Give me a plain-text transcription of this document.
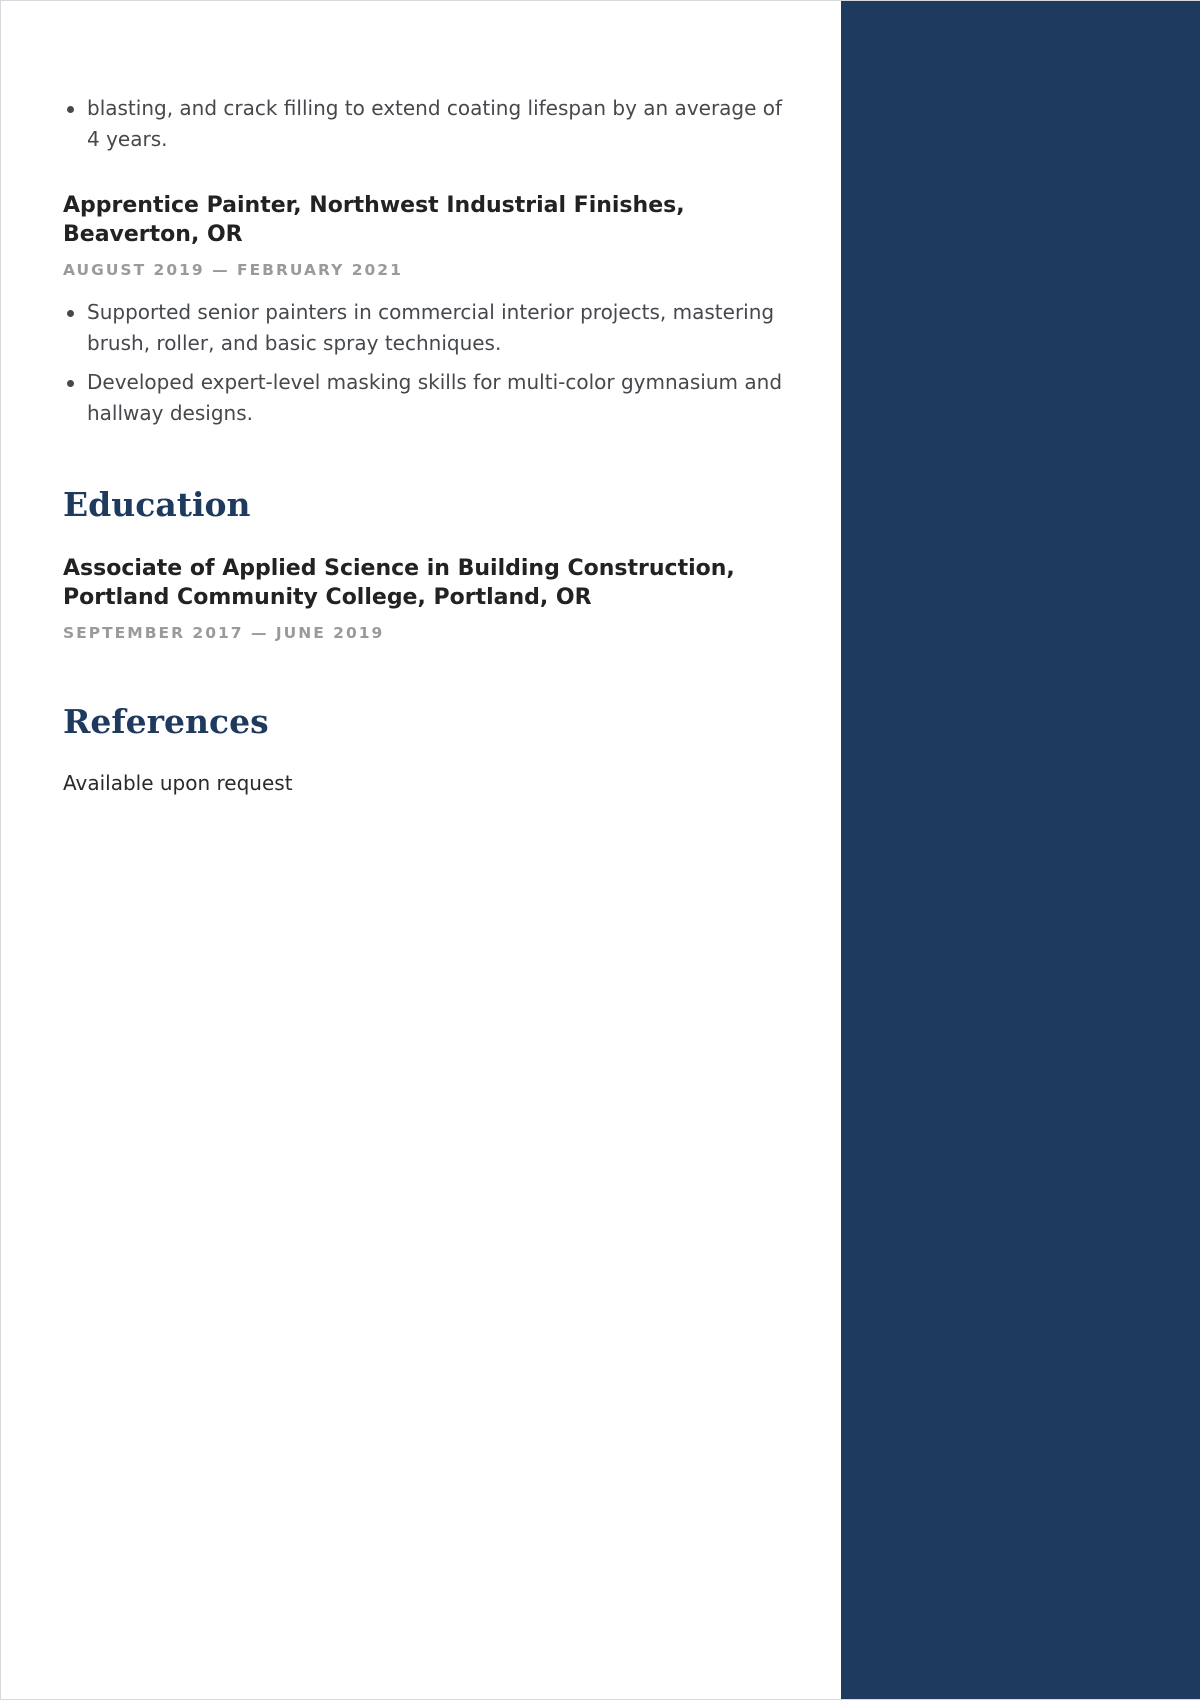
blasting, and crack filling to extend coating lifespan by an average of 4 years.
Apprentice Painter, Northwest Industrial Finishes, Beaverton, OR
AUGUST 2019 — FEBRUARY 2021
Supported senior painters in commercial interior projects, mastering brush, roller, and basic spray techniques.
Developed expert-level masking skills for multi-color gymnasium and hallway designs.
Education
Associate of Applied Science in Building Construction, Portland Community College, Portland, OR
SEPTEMBER 2017 — JUNE 2019
References

Available upon request
